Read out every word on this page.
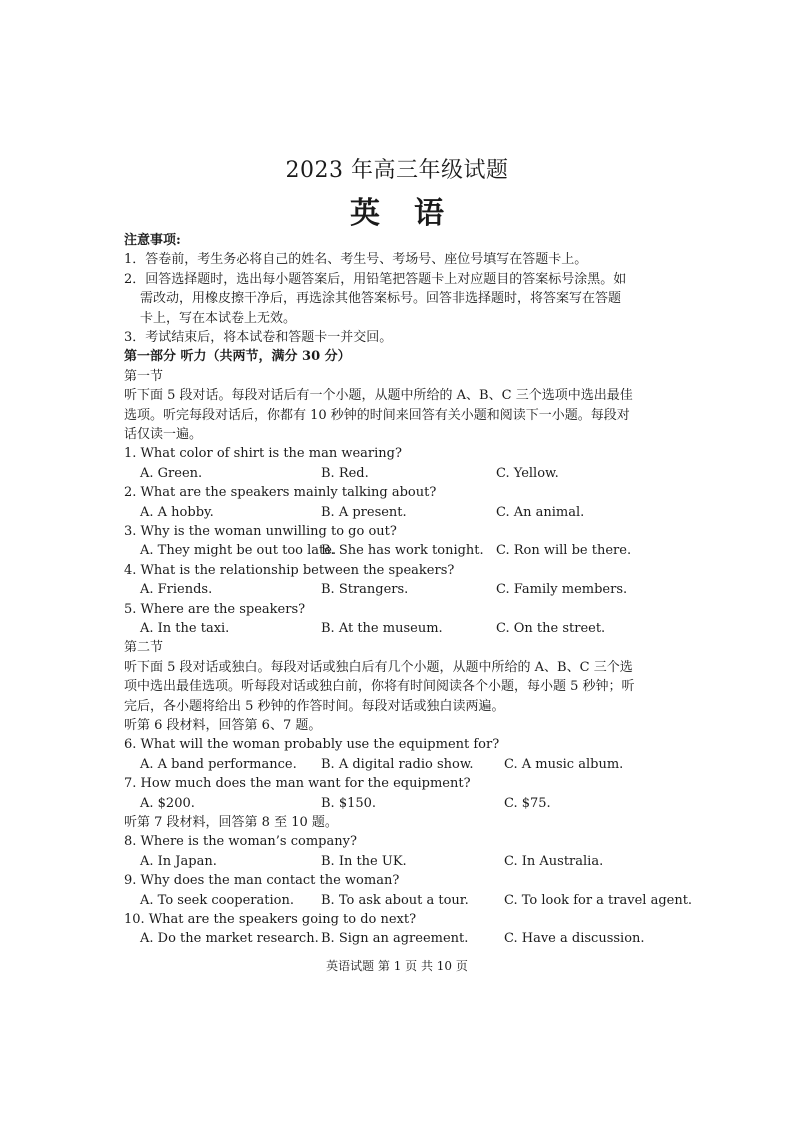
2023 年高三年级试题
英 语
注意事项:
1．答卷前，考生务必将自己的姓名、考生号、考场号、座位号填写在答题卡上。
2．回答选择题时，选出每小题答案后，用铅笔把答题卡上对应题目的答案标号涂黑。如
需改动，用橡皮擦干净后，再选涂其他答案标号。回答非选择题时，将答案写在答题
卡上，写在本试卷上无效。
3．考试结束后，将本试卷和答题卡一并交回。
第一部分 听力（共两节，满分 30 分）
第一节
听下面 5 段对话。每段对话后有一个小题，从题中所给的 A、B、C 三个选项中选出最佳
选项。听完每段对话后，你都有 10 秒钟的时间来回答有关小题和阅读下一小题。每段对
话仅读一遍。
1. What color of shirt is the man wearing?
A. Green.	B. Red.	C. Yellow.
2. What are the speakers mainly talking about?
A. A hobby.	B. A present.	C. An animal.
3. Why is the woman unwilling to go out?
A. They might be out too late.
B. She has work tonight. C. Ron will be there.
4. What is the relationship between the speakers?
A. Friends.	B. Strangers.	C. Family members.
5. Where are the speakers?
A. In the taxi.	B. At the museum.	C. On the street.
第二节
听下面 5 段对话或独白。每段对话或独白后有几个小题，从题中所给的 A、B、C 三个选
项中选出最佳选项。听每段对话或独白前，你将有时间阅读各个小题，每小题 5 秒钟；听
完后，各小题将给出 5 秒钟的作答时间。每段对话或独白读两遍。
听第 6 段材料，回答第 6、7 题。
6. What will the woman probably use the equipment for?
A. A band performance. B. A digital radio show. C. A music album.
7. How much does the man want for the equipment?
A. $200.	B. $150.	C. $75.
听第 7 段材料，回答第 8 至 10 题。
8. Where is the woman’s company?
A. In Japan.	B. In the UK.	C. In Australia.
9. Why does the man contact the woman?
A. To seek cooperation. B. To ask about a tour.	C. To look for a travel agent.
10. What are the speakers going to do next?
A. Do the market research. B. Sign an agreement.	C. Have a discussion.
英语试题 第 1 页 共 10 页
